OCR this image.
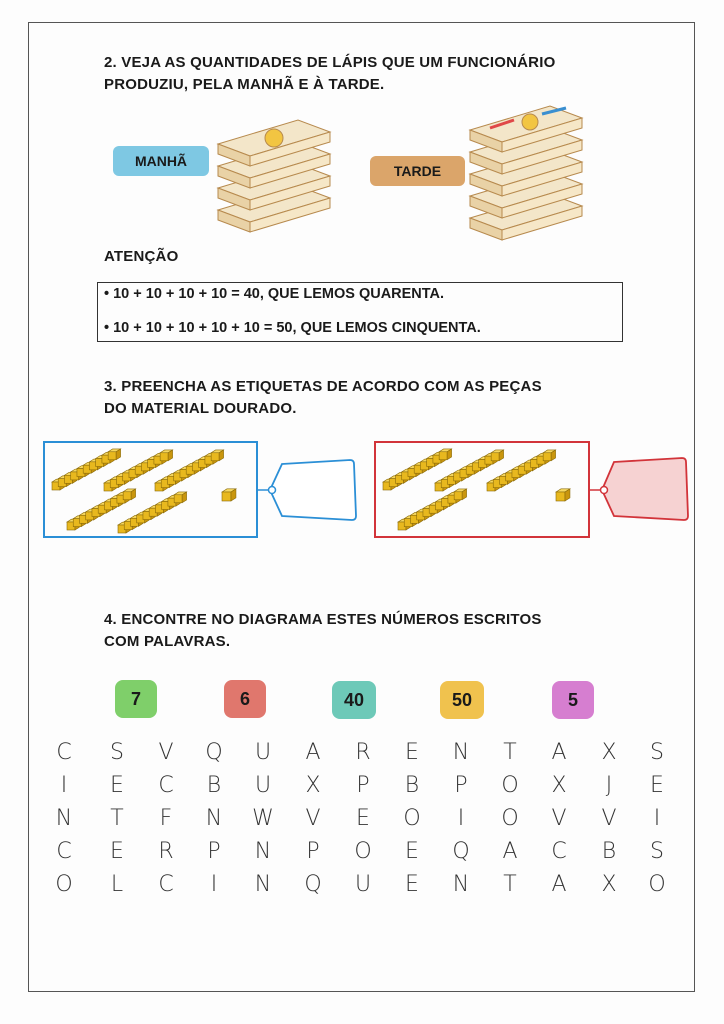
2. VEJA AS QUANTIDADES DE LÁPIS QUE UM FUNCIONÁRIO
PRODUZIU, PELA MANHÃ E À TARDE.
MANHÃ
TARDE
ATENÇÃO
• 10 + 10 + 10 + 10 = 40, QUE LEMOS QUARENTA.
• 10 + 10 + 10 + 10 + 10 = 50, QUE LEMOS CINQUENTA.
3. PREENCHA AS ETIQUETAS DE ACORDO COM AS PEÇAS
DO MATERIAL DOURADO.
4. ENCONTRE NO DIAGRAMA ESTES NÚMEROS ESCRITOS
COM PALAVRAS.
7	6	40	50	5
C	S	V	Q	U	A	R	E	N	T	A	X	S
I	E	C	B	U	X	P	B	P	O	X	J	E
N	T	F	N	W	V	E	O	I	O	V	V	I
C	E	R	P	N	P	O	E	Q	A	C	B	S
O	L	C	I	N	Q	U	E	N	T	A	X	O
